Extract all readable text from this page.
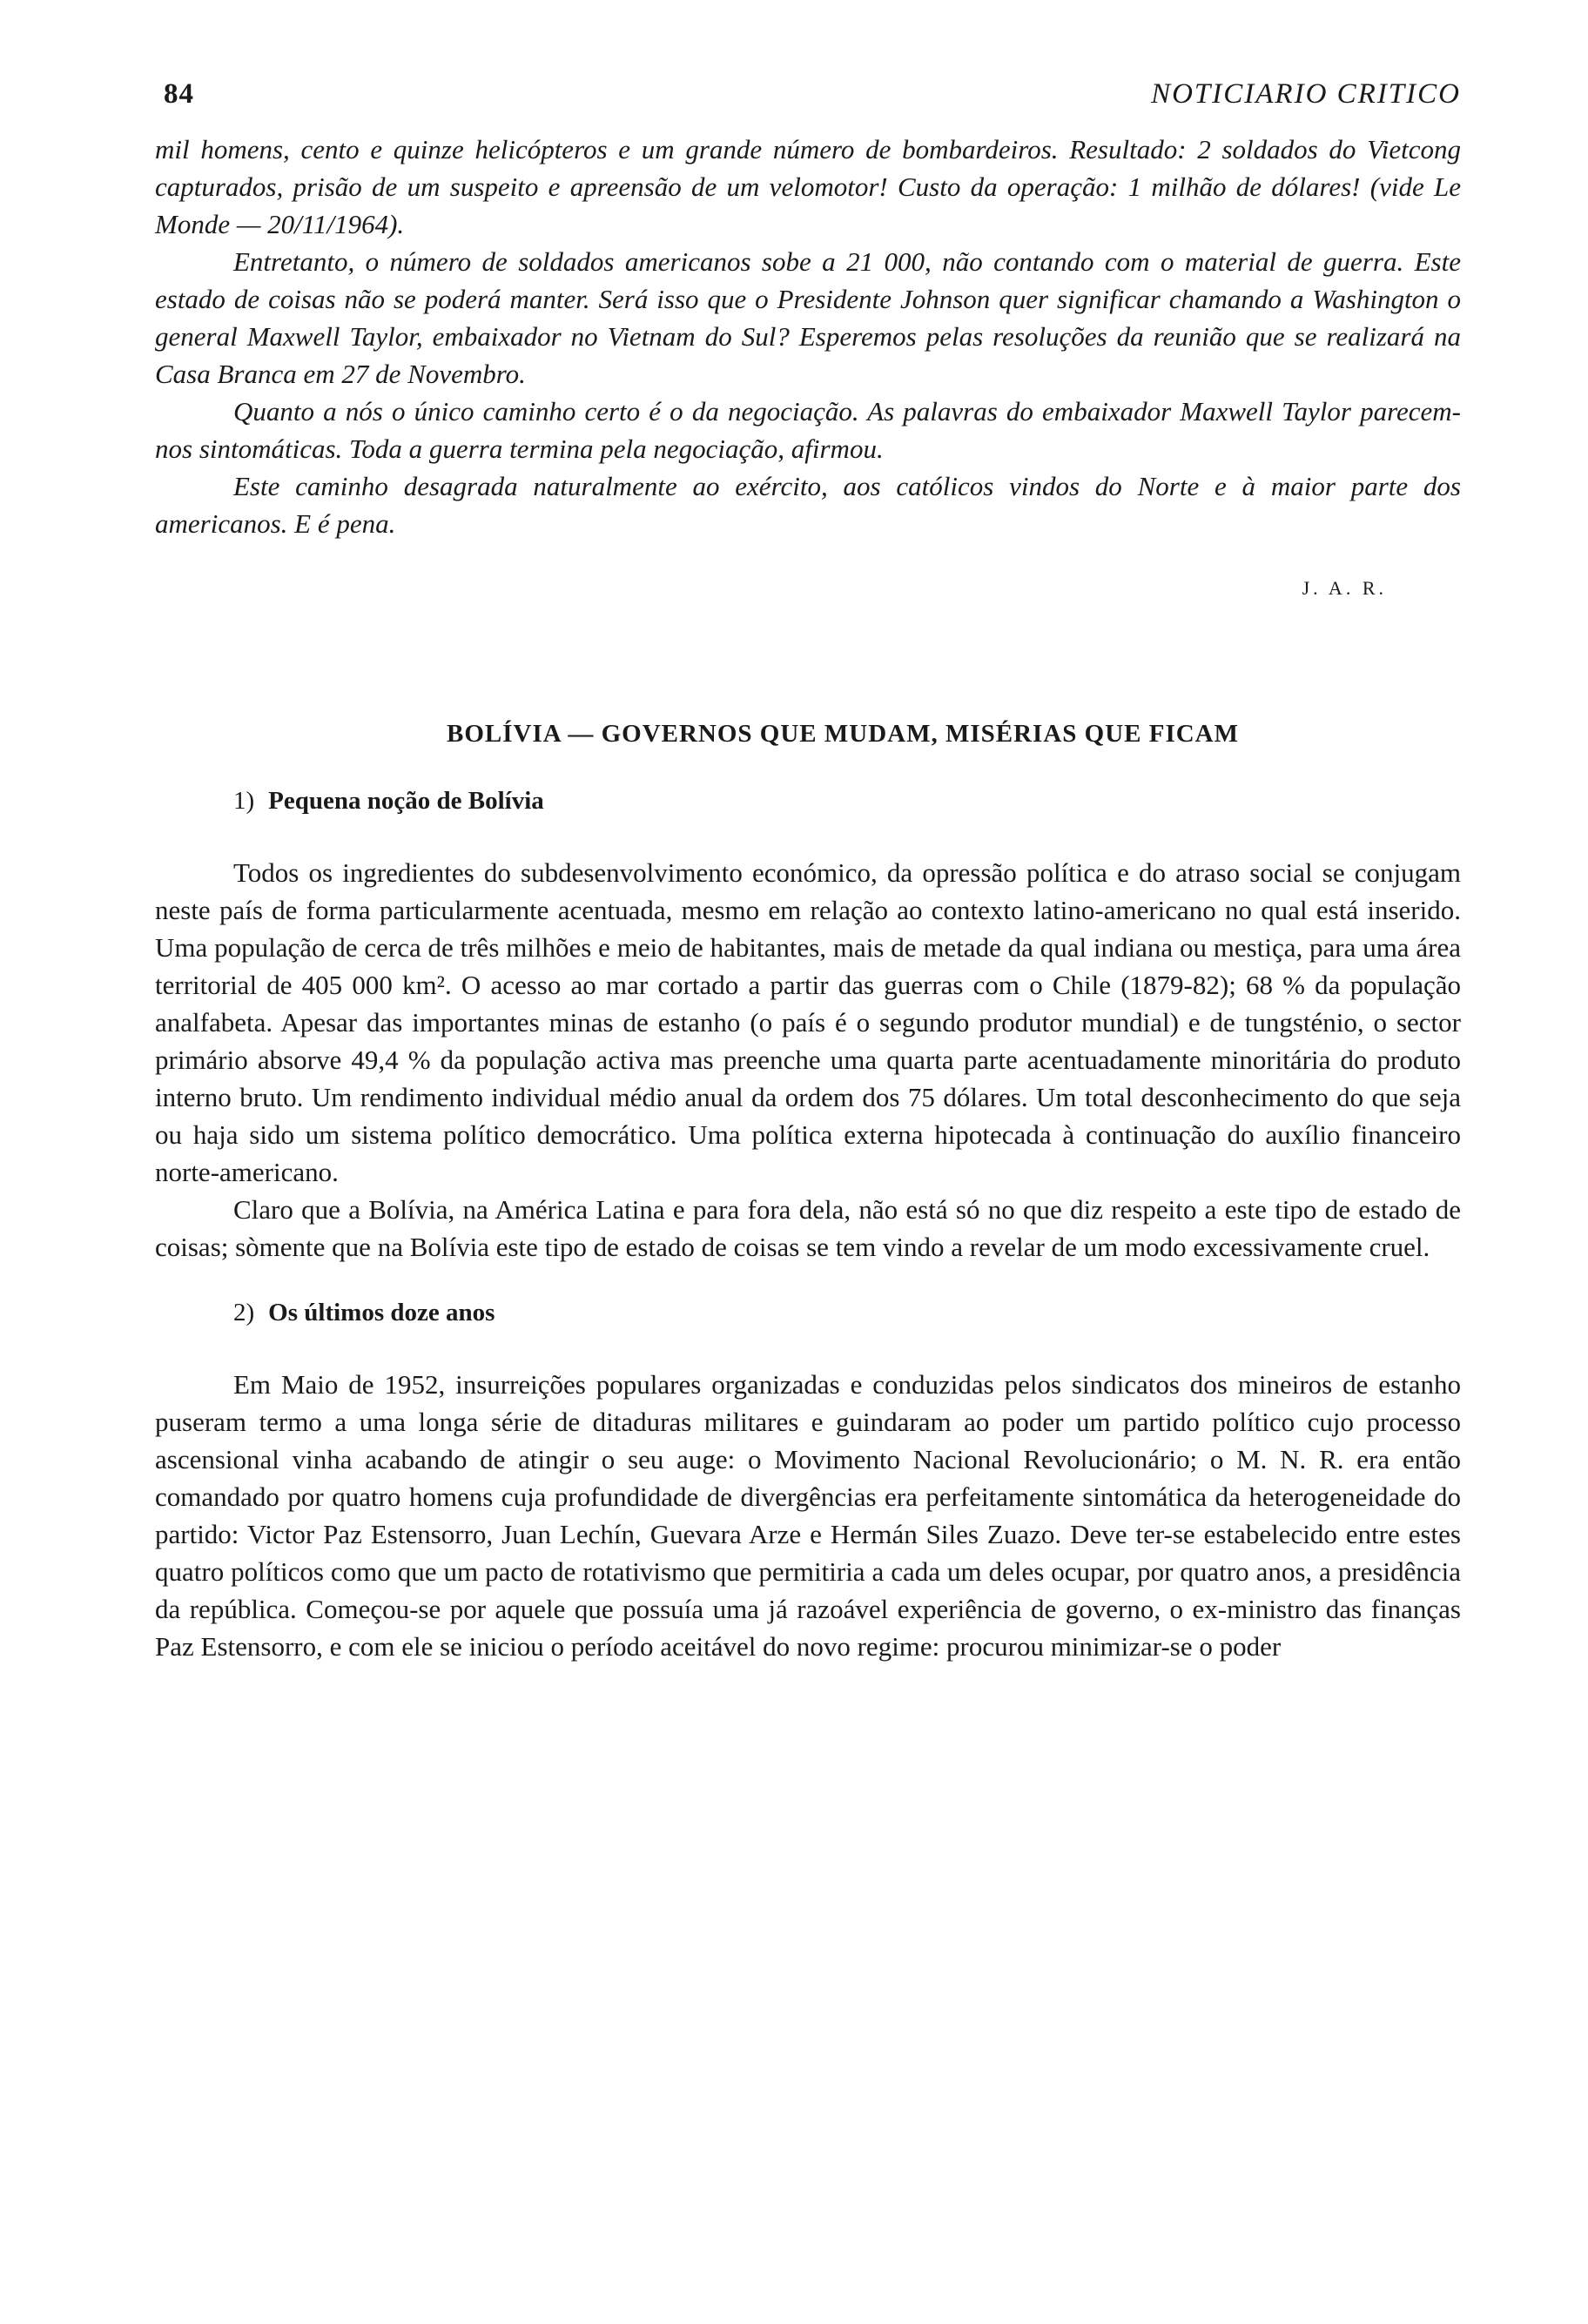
84	NOTICIARIO CRITICO

mil homens, cento e quinze helicópteros e um grande número de bombardeiros. Resultado: 2 soldados do Vietcong capturados, prisão de um suspeito e apreensão de um velomotor! Custo da operação: 1 milhão de dólares! (vide Le Monde — 20/11/1964).

Entretanto, o número de soldados americanos sobe a 21 000, não contando com o material de guerra. Este estado de coisas não se poderá manter. Será isso que o Presidente Johnson quer significar chamando a Washington o general Maxwell Taylor, embaixador no Vietnam do Sul? Esperemos pelas resoluções da reunião que se realizará na Casa Branca em 27 de Novembro.

Quanto a nós o único caminho certo é o da negociação. As palavras do embaixador Maxwell Taylor parecem-nos sintomáticas. Toda a guerra termina pela negociação, afirmou.

Este caminho desagrada naturalmente ao exército, aos católicos vindos do Norte e à maior parte dos americanos. E é pena.

J. A. R.
BOLÍVIA — GOVERNOS QUE MUDAM, MISÉRIAS QUE FICAM
1) Pequena noção de Bolívia

Todos os ingredientes do subdesenvolvimento económico, da opressão política e do atraso social se conjugam neste país de forma particularmente acentuada, mesmo em relação ao contexto latino-americano no qual está inserido. Uma população de cerca de três milhões e meio de habitantes, mais de metade da qual indiana ou mestiça, para uma área territorial de 405 000 km². O acesso ao mar cortado a partir das guerras com o Chile (1879-82); 68 % da população analfabeta. Apesar das importantes minas de estanho (o país é o segundo produtor mundial) e de tungsténio, o sector primário absorve 49,4 % da população activa mas preenche uma quarta parte acentuadamente minoritária do produto interno bruto. Um rendimento individual médio anual da ordem dos 75 dólares. Um total desconhecimento do que seja ou haja sido um sistema político democrático. Uma política externa hipotecada à continuação do auxílio financeiro norte-americano.

Claro que a Bolívia, na América Latina e para fora dela, não está só no que diz respeito a este tipo de estado de coisas; sòmente que na Bolívia este tipo de estado de coisas se tem vindo a revelar de um modo excessivamente cruel.

2) Os últimos doze anos

Em Maio de 1952, insurreições populares organizadas e conduzidas pelos sindicatos dos mineiros de estanho puseram termo a uma longa série de ditaduras militares e guindaram ao poder um partido político cujo processo ascensional vinha acabando de atingir o seu auge: o Movimento Nacional Revolucionário; o M. N. R. era então comandado por quatro homens cuja profundidade de divergências era perfeitamente sintomática da heterogeneidade do partido: Victor Paz Estensorro, Juan Lechín, Guevara Arze e Hermán Siles Zuazo. Deve ter-se estabelecido entre estes quatro políticos como que um pacto de rotativismo que permitiria a cada um deles ocupar, por quatro anos, a presidência da república. Começou-se por aquele que possuía uma já razoável experiência de governo, o ex-ministro das finanças Paz Estensorro, e com ele se iniciou o período aceitável do novo regime: procurou minimizar-se o poder
